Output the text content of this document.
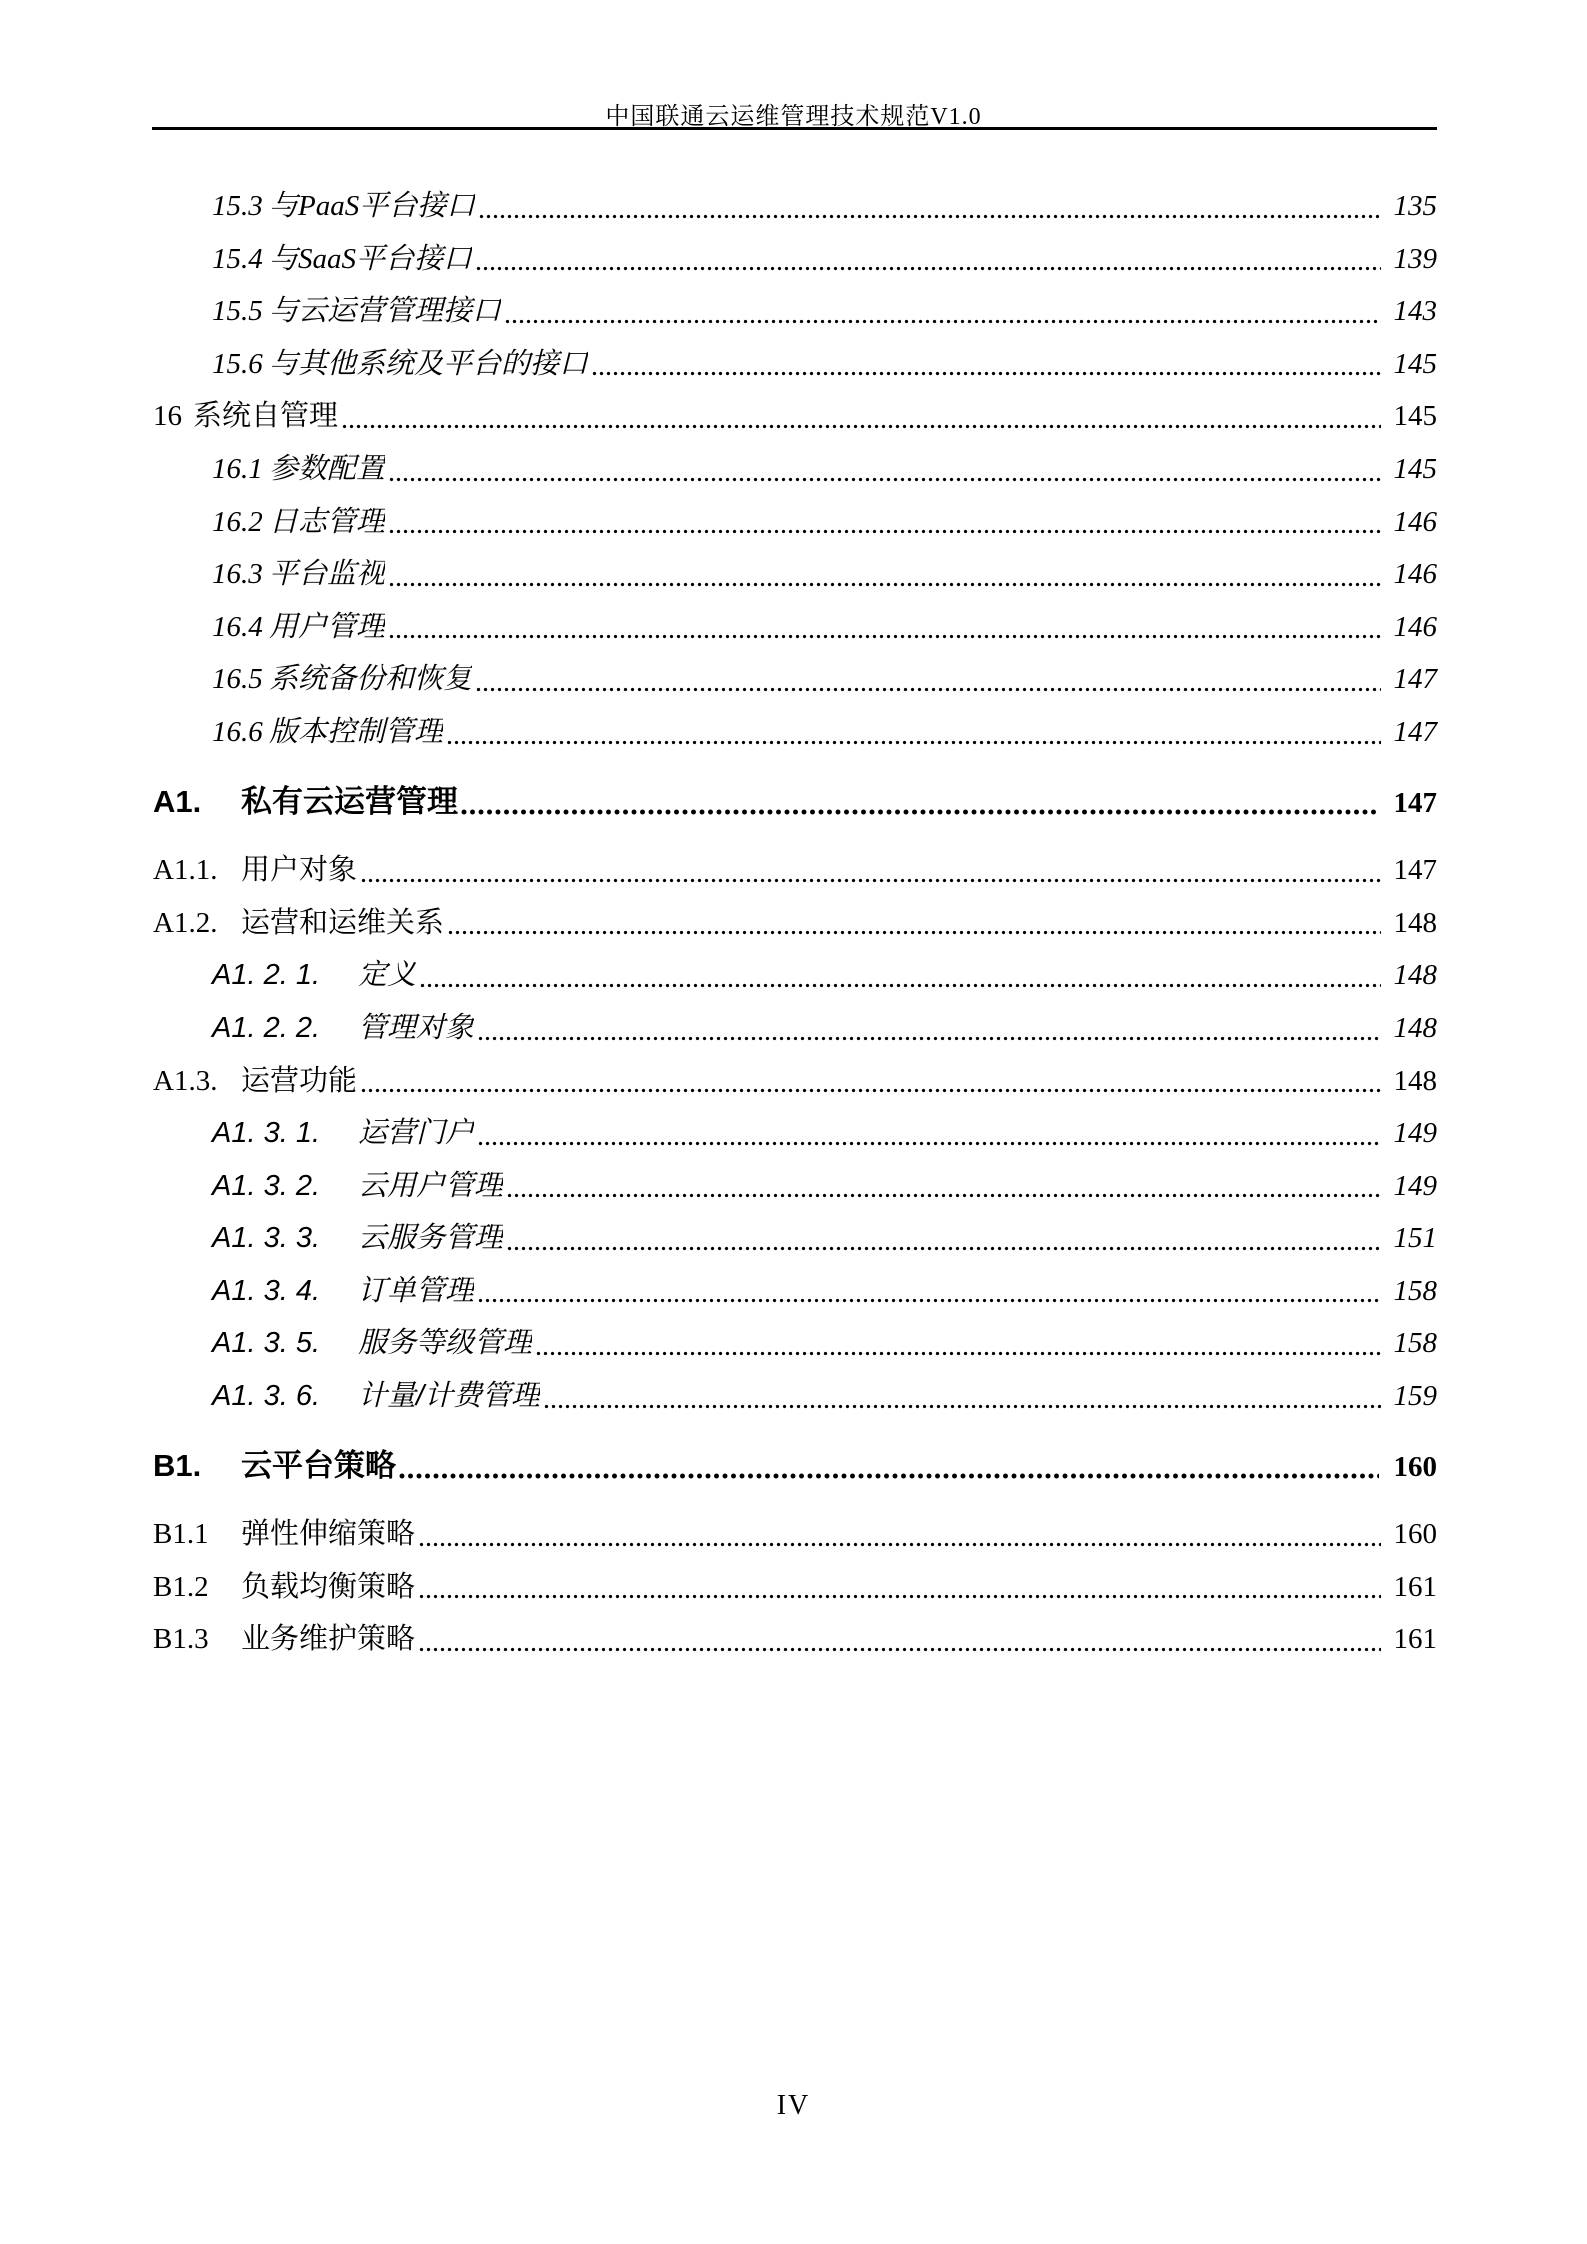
中国联通云运维管理技术规范V1.0
15.3 与PaaS平台接口	135
15.4 与SaaS平台接口	139
15.5 与云运营管理接口	143
15.6 与其他系统及平台的接口	145
16 系统自管理	145
16.1 参数配置	145
16.2 日志管理	146
16.3 平台监视	146
16.4 用户管理	146
16.5 系统备份和恢复	147
16.6 版本控制管理	147
A1.	私有云运营管理	147
A1.1. 用户对象	147
A1.2. 运营和运维关系	148
A1. 2. 1.	定义	148
A1. 2. 2.	管理对象	148
A1.3. 运营功能	148
A1. 3. 1.	运营门户	149
A1. 3. 2.	云用户管理	149
A1. 3. 3.	云服务管理	151
A1. 3. 4.	订单管理	158
A1. 3. 5.	服务等级管理	158
A1. 3. 6.	计量/计费管理	159
B1.	云平台策略	160
B1.1	弹性伸缩策略	160
B1.2	负载均衡策略	161
B1.3	业务维护策略	161
IV
